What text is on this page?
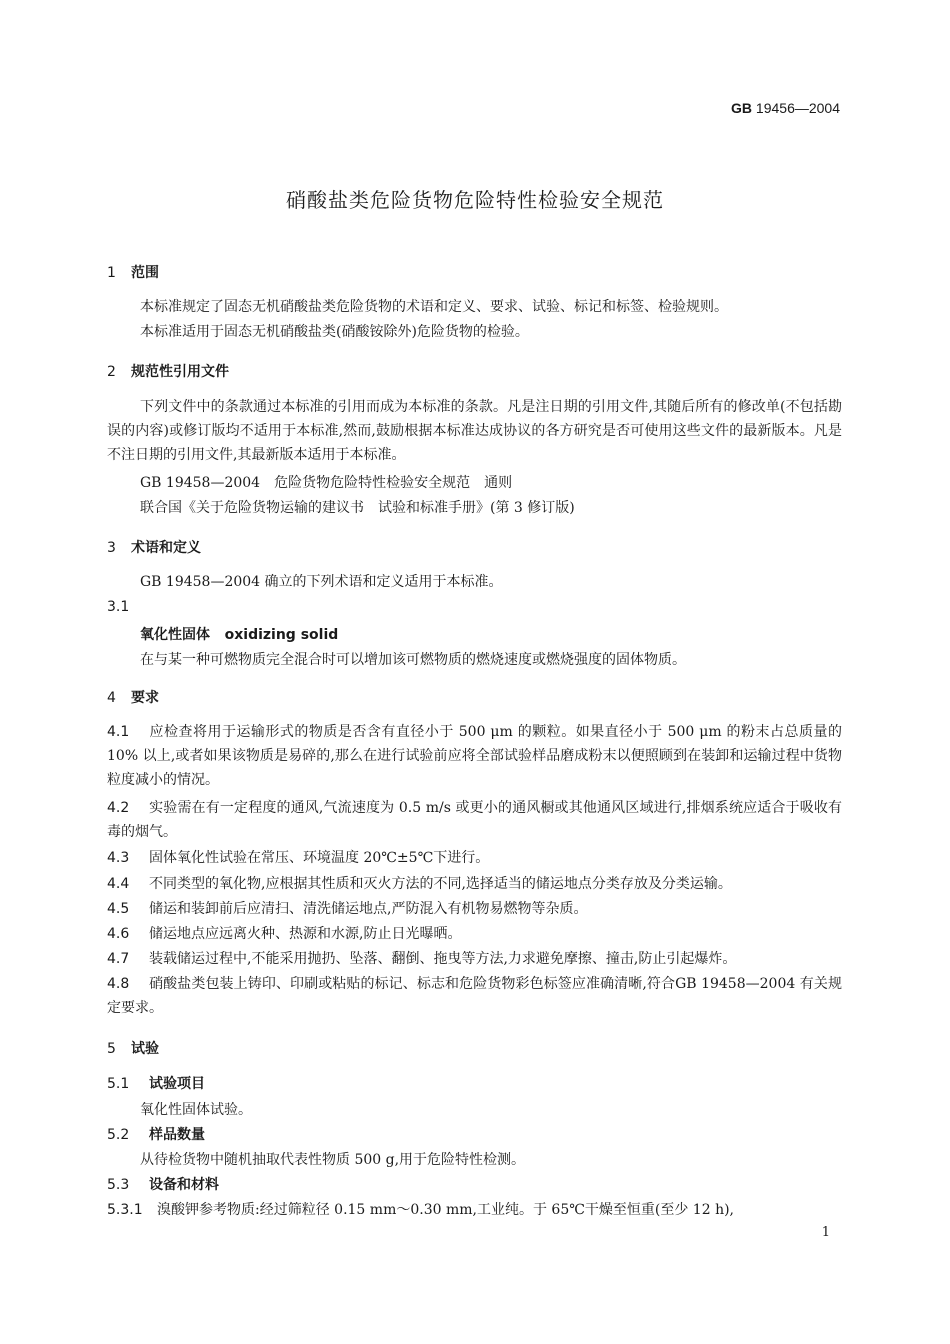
GB 19456—2004
硝酸盐类危险货物危险特性检验安全规范
1 范围
本标准规定了固态无机硝酸盐类危险货物的术语和定义、要求、试验、标记和标签、检验规则。
本标准适用于固态无机硝酸盐类(硝酸铵除外)危险货物的检验。
2 规范性引用文件
下列文件中的条款通过本标准的引用而成为本标准的条款。凡是注日期的引用文件,其随后所有的修改单(不包括勘误的内容)或修订版均不适用于本标准,然而,鼓励根据本标准达成协议的各方研究是否可使用这些文件的最新版本。凡是不注日期的引用文件,其最新版本适用于本标准。
GB 19458—2004　危险货物危险特性检验安全规范　通则
联合国《关于危险货物运输的建议书　试验和标准手册》(第 3 修订版)
3 术语和定义
GB 19458—2004 确立的下列术语和定义适用于本标准。
3.1
氧化性固体 oxidizing solid
在与某一种可燃物质完全混合时可以增加该可燃物质的燃烧速度或燃烧强度的固体物质。
4 要求
4.1 应检查将用于运输形式的物质是否含有直径小于 500 μm 的颗粒。如果直径小于 500 μm 的粉末占总质量的 10% 以上,或者如果该物质是易碎的,那么在进行试验前应将全部试验样品磨成粉末以便照顾到在装卸和运输过程中货物粒度减小的情况。
4.2 实验需在有一定程度的通风,气流速度为 0.5 m/s 或更小的通风橱或其他通风区域进行,排烟系统应适合于吸收有毒的烟气。
4.3 固体氧化性试验在常压、环境温度 20℃±5℃下进行。
4.4 不同类型的氧化物,应根据其性质和灭火方法的不同,选择适当的储运地点分类存放及分类运输。
4.5 储运和装卸前后应清扫、清洗储运地点,严防混入有机物易燃物等杂质。
4.6 储运地点应远离火种、热源和水源,防止日光曝晒。
4.7 装载储运过程中,不能采用抛扔、坠落、翻倒、拖曳等方法,力求避免摩擦、撞击,防止引起爆炸。
4.8 硝酸盐类包装上铸印、印刷或粘贴的标记、标志和危险货物彩色标签应准确清晰,符合GB 19458—2004 有关规定要求。
5 试验
5.1 试验项目
氧化性固体试验。
5.2 样品数量
从待检货物中随机抽取代表性物质 500 g,用于危险特性检测。
5.3 设备和材料
5.3.1 溴酸钾参考物质:经过筛粒径 0.15 mm～0.30 mm,工业纯。于 65℃干燥至恒重(至少 12 h),
1
